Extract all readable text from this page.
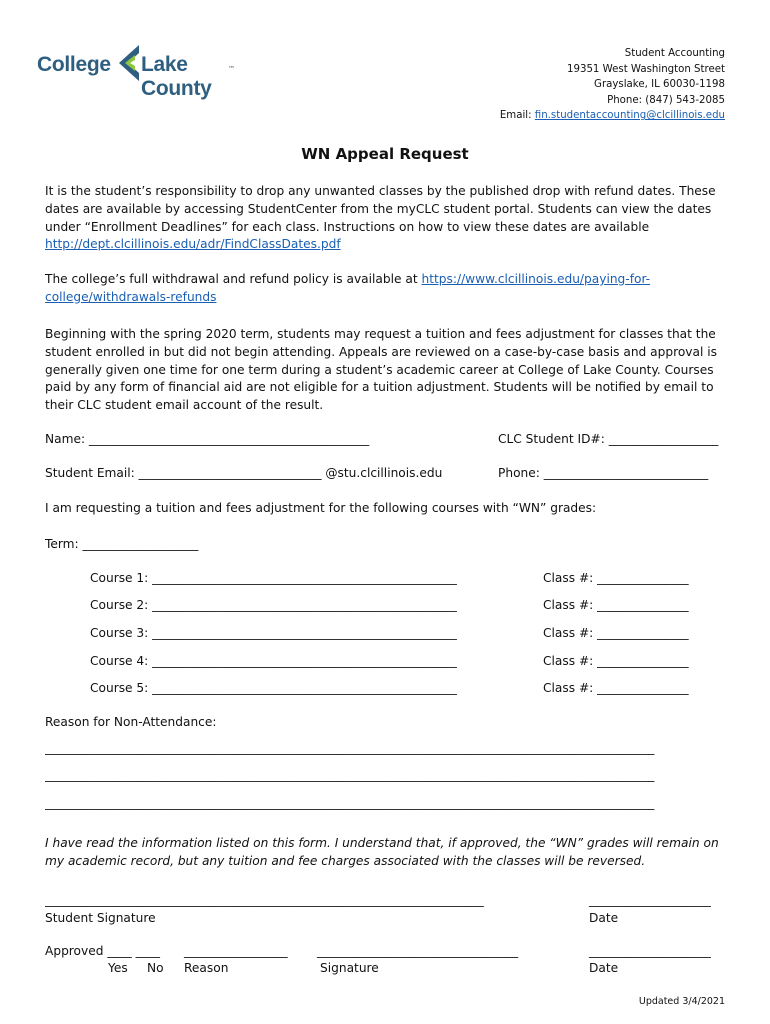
College Lake County
™
Student Accounting
19351 West Washington Street
Grayslake, IL 60030-1198
Phone: (847) 543-2085
Email: fin.studentaccounting@clcillinois.edu
WN Appeal Request
It is the student’s responsibility to drop any unwanted classes by the published drop with refund dates. These dates are available by accessing StudentCenter from the myCLC student portal. Students can view the dates under “Enrollment Deadlines” for each class. Instructions on how to view these dates are available http://dept.clcillinois.edu/adr/FindClassDates.pdf
The college’s full withdrawal and refund policy is available at https://www.clcillinois.edu/paying-for-college/withdrawals-refunds
Beginning with the spring 2020 term, students may request a tuition and fees adjustment for classes that the student enrolled in but did not begin attending. Appeals are reviewed on a case-by-case basis and approval is generally given one time for one term during a student’s academic career at College of Lake County. Courses paid by any form of financial aid are not eligible for a tuition adjustment. Students will be notified by email to their CLC student email account of the result.
Name: ______________________________________________	CLC Student ID#: __________________
Student Email: ______________________________ @stu.clcillinois.edu	Phone: ___________________________
I am requesting a tuition and fees adjustment for the following courses with “WN” grades:
Term: ___________________
Course 1: __________________________________________________	Class #: _______________
Course 2: __________________________________________________	Class #: _______________
Course 3: __________________________________________________	Class #: _______________
Course 4: __________________________________________________	Class #: _______________
Course 5: __________________________________________________	Class #: _______________
Reason for Non-Attendance:
____________________________________________________________________________________________________
____________________________________________________________________________________________________
____________________________________________________________________________________________________
I have read the information listed on this form. I understand that, if approved, the “WN” grades will remain on my academic record, but any tuition and fee charges associated with the classes will be reversed.
________________________________________________________________________	____________________
Student Signature	Date
Approved ____ ____ _________________ _________________________________	____________________
Yes No Reason	Signature	Date
Updated 3/4/2021
